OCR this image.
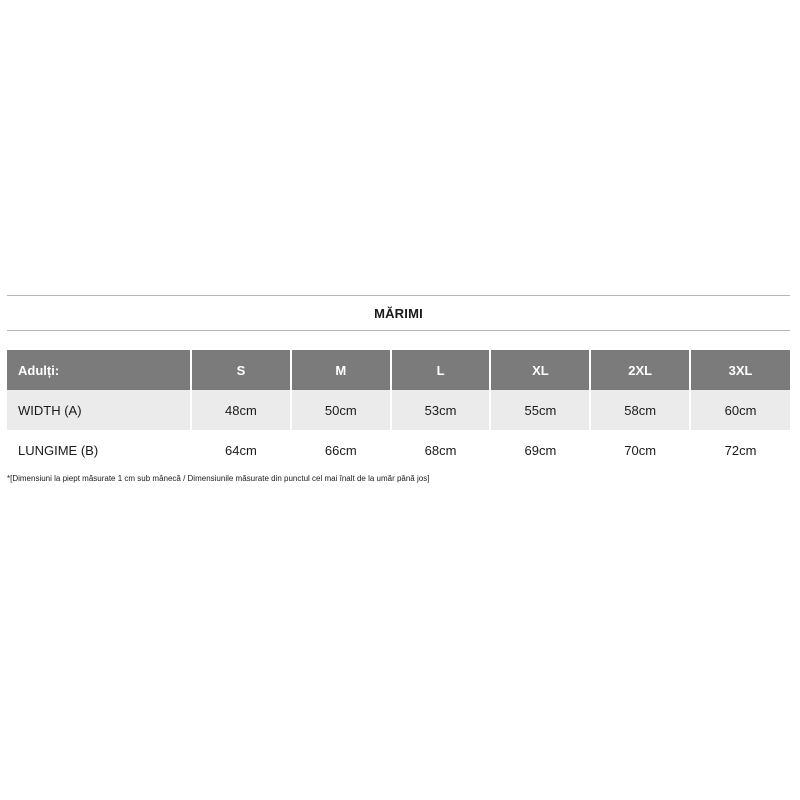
MĂRIMI
Adulți:	S	M	L	XL	2XL	3XL
WIDTH (A)	48cm	50cm	53cm	55cm	58cm	60cm
LUNGIME (B)	64cm	66cm	68cm	69cm	70cm	72cm
*[Dimensiuni la piept măsurate 1 cm sub mânecă / Dimensiunile măsurate din punctul cel mai înalt de la umăr până jos]
